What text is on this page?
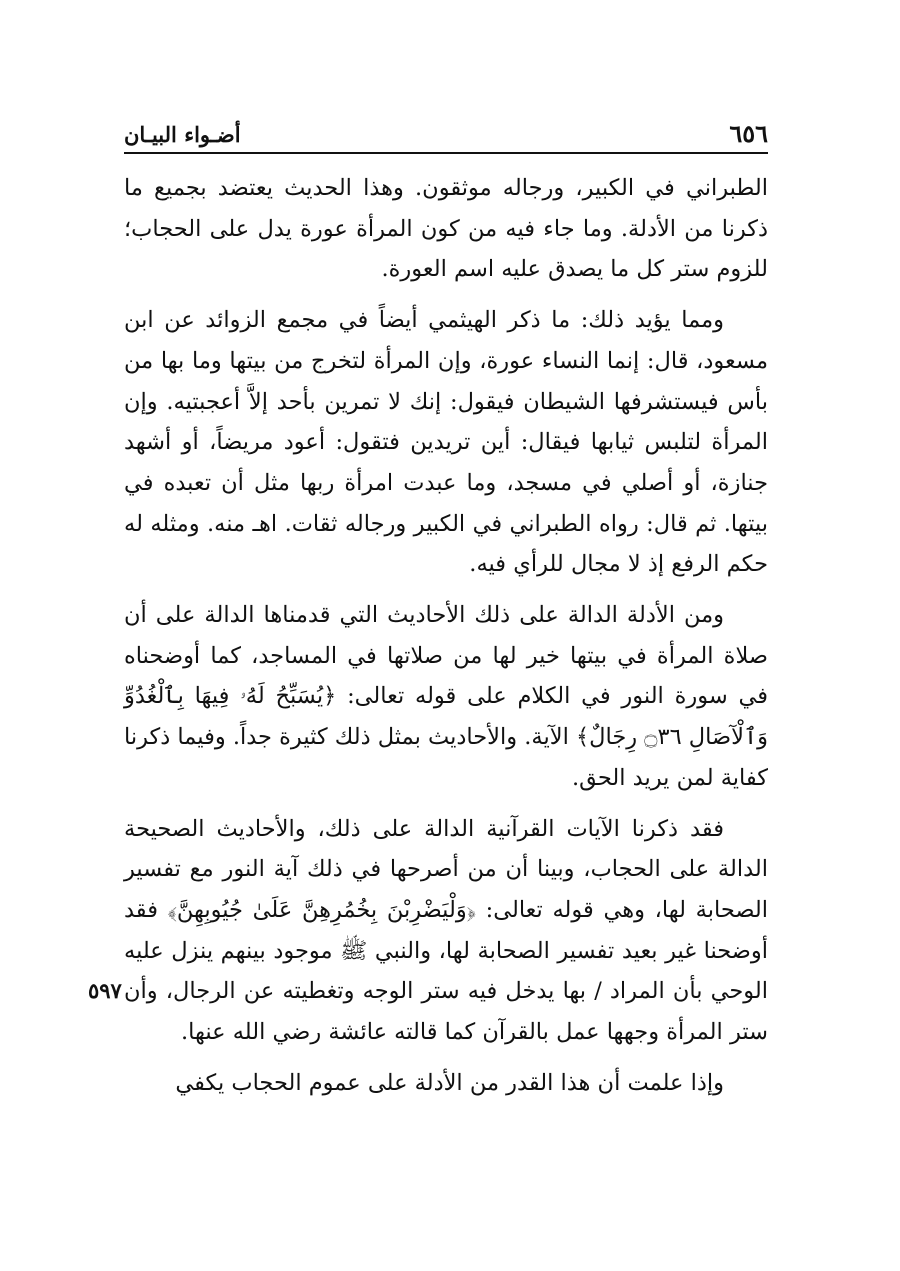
٦٥٦
أضـواء البيـان

الطبراني في الكبير، ورجاله موثقون. وهذا الحديث يعتضد بجميع ما ذكرنا من الأدلة. وما جاء فيه من كون المرأة عورة يدل على الحجاب؛ للزوم ستر كل ما يصدق عليه اسم العورة.

ومما يؤيد ذلك: ما ذكر الهيثمي أيضاً في مجمع الزوائد عن ابن مسعود، قال: إنما النساء عورة، وإن المرأة لتخرج من بيتها وما بها من بأس فيستشرفها الشيطان فيقول: إنك لا تمرين بأحد إلاَّ أعجبتيه. وإن المرأة لتلبس ثيابها فيقال: أين تريدين فتقول: أعود مريضاً، أو أشهد جنازة، أو أصلي في مسجد، وما عبدت امرأة ربها مثل أن تعبده في بيتها. ثم قال: رواه الطبراني في الكبير ورجاله ثقات. اهـ منه. ومثله له حكم الرفع إذ لا مجال للرأي فيه.

ومن الأدلة الدالة على ذلك الأحاديث التي قدمناها الدالة على أن صلاة المرأة في بيتها خير لها من صلاتها في المساجد، كما أوضحناه في سورة النور في الكلام على قوله تعالى: ﴿يُسَبِّحُ لَهُۥ فِيهَا بِٱلْغُدُوِّ وَٱلْآصَالِ ۝٣٦ رِجَالٌ﴾ الآية. والأحاديث بمثل ذلك كثيرة جداً. وفيما ذكرنا كفاية لمن يريد الحق.

فقد ذكرنا الآيات القرآنية الدالة على ذلك، والأحاديث الصحيحة الدالة على الحجاب، وبينا أن من أصرحها في ذلك آية النور مع تفسير الصحابة لها، وهي قوله تعالى: ﴿وَلْيَضْرِبْنَ بِخُمُرِهِنَّ عَلَىٰ جُيُوبِهِنَّ﴾ فقد أوضحنا غير بعيد تفسير الصحابة لها، والنبي ﷺ موجود بينهم ينزل عليه الوحي بأن المراد / بها يدخل فيه ستر الوجه وتغطيته عن الرجال، وأن ستر المرأة وجهها عمل بالقرآن كما قالته عائشة رضي الله عنها.

وإذا علمت أن هذا القدر من الأدلة على عموم الحجاب يكفي

٥٩٧
